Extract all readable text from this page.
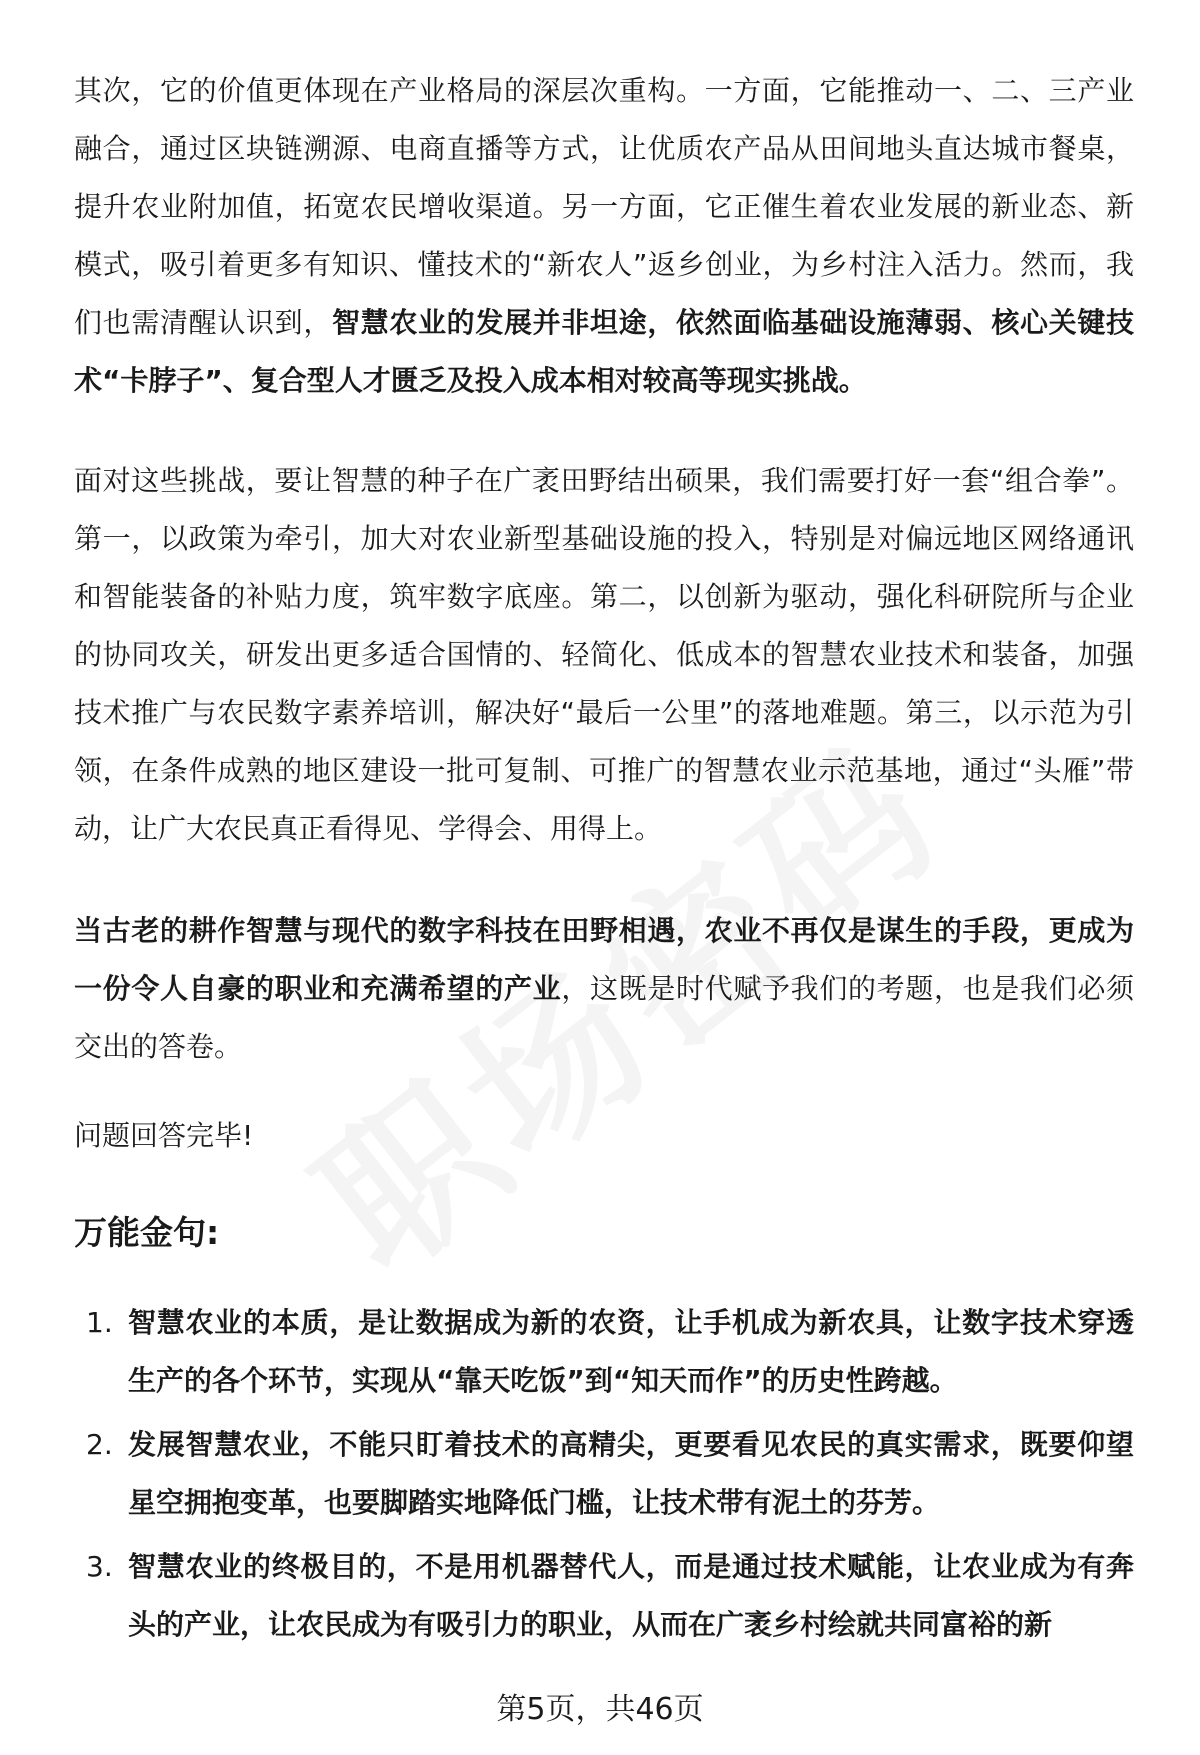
其次，它的价值更体现在产业格局的深层次重构。一方面，它能推动一、二、三产业融合，通过区块链溯源、电商直播等方式，让优质农产品从田间地头直达城市餐桌，提升农业附加值，拓宽农民增收渠道。另一方面，它正催生着农业发展的新业态、新模式，吸引着更多有知识、懂技术的“新农人”返乡创业，为乡村注入活力。然而，我们也需清醒认识到，智慧农业的发展并非坦途，依然面临基础设施薄弱、核心关键技术“卡脖子”、复合型人才匮乏及投入成本相对较高等现实挑战。

面对这些挑战，要让智慧的种子在广袤田野结出硕果，我们需要打好一套“组合拳”。第一，以政策为牵引，加大对农业新型基础设施的投入，特别是对偏远地区网络通讯和智能装备的补贴力度，筑牢数字底座。第二，以创新为驱动，强化科研院所与企业的协同攻关，研发出更多适合国情的、轻简化、低成本的智慧农业技术和装备，加强技术推广与农民数字素养培训，解决好“最后一公里”的落地难题。第三，以示范为引领，在条件成熟的地区建设一批可复制、可推广的智慧农业示范基地，通过“头雁”带动，让广大农民真正看得见、学得会、用得上。

当古老的耕作智慧与现代的数字科技在田野相遇，农业不再仅是谋生的手段，更成为一份令人自豪的职业和充满希望的产业，这既是时代赋予我们的考题，也是我们必须交出的答卷。

问题回答完毕!

万能金句:
1. 智慧农业的本质，是让数据成为新的农资，让手机成为新农具，让数字技术穿透生产的各个环节，实现从“靠天吃饭”到“知天而作”的历史性跨越。
2. 发展智慧农业，不能只盯着技术的高精尖，更要看见农民的真实需求，既要仰望星空拥抱变革，也要脚踏实地降低门槛，让技术带有泥土的芬芳。
3. 智慧农业的终极目的，不是用机器替代人，而是通过技术赋能，让农业成为有奔头的产业，让农民成为有吸引力的职业，从而在广袤乡村绘就共同富裕的新
第5页，共46页
